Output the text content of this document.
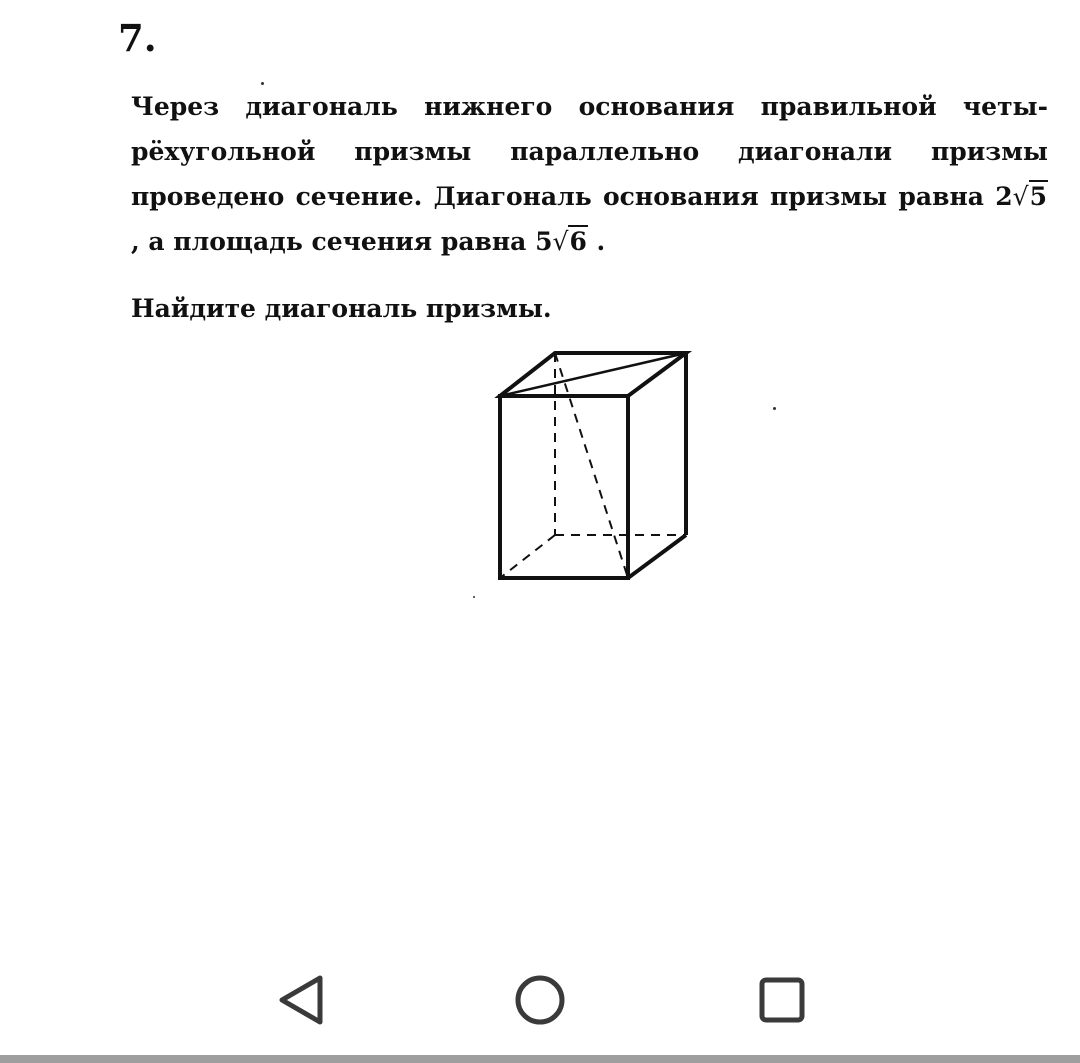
7.

Через диагональ нижнего основания правильной четы-рёхугольной призмы параллельно диагонали призмы проведено сечение. Диагональ основания призмы равна 2√5 , а площадь сечения равна 5√6 .

Найдите диагональ призмы.
